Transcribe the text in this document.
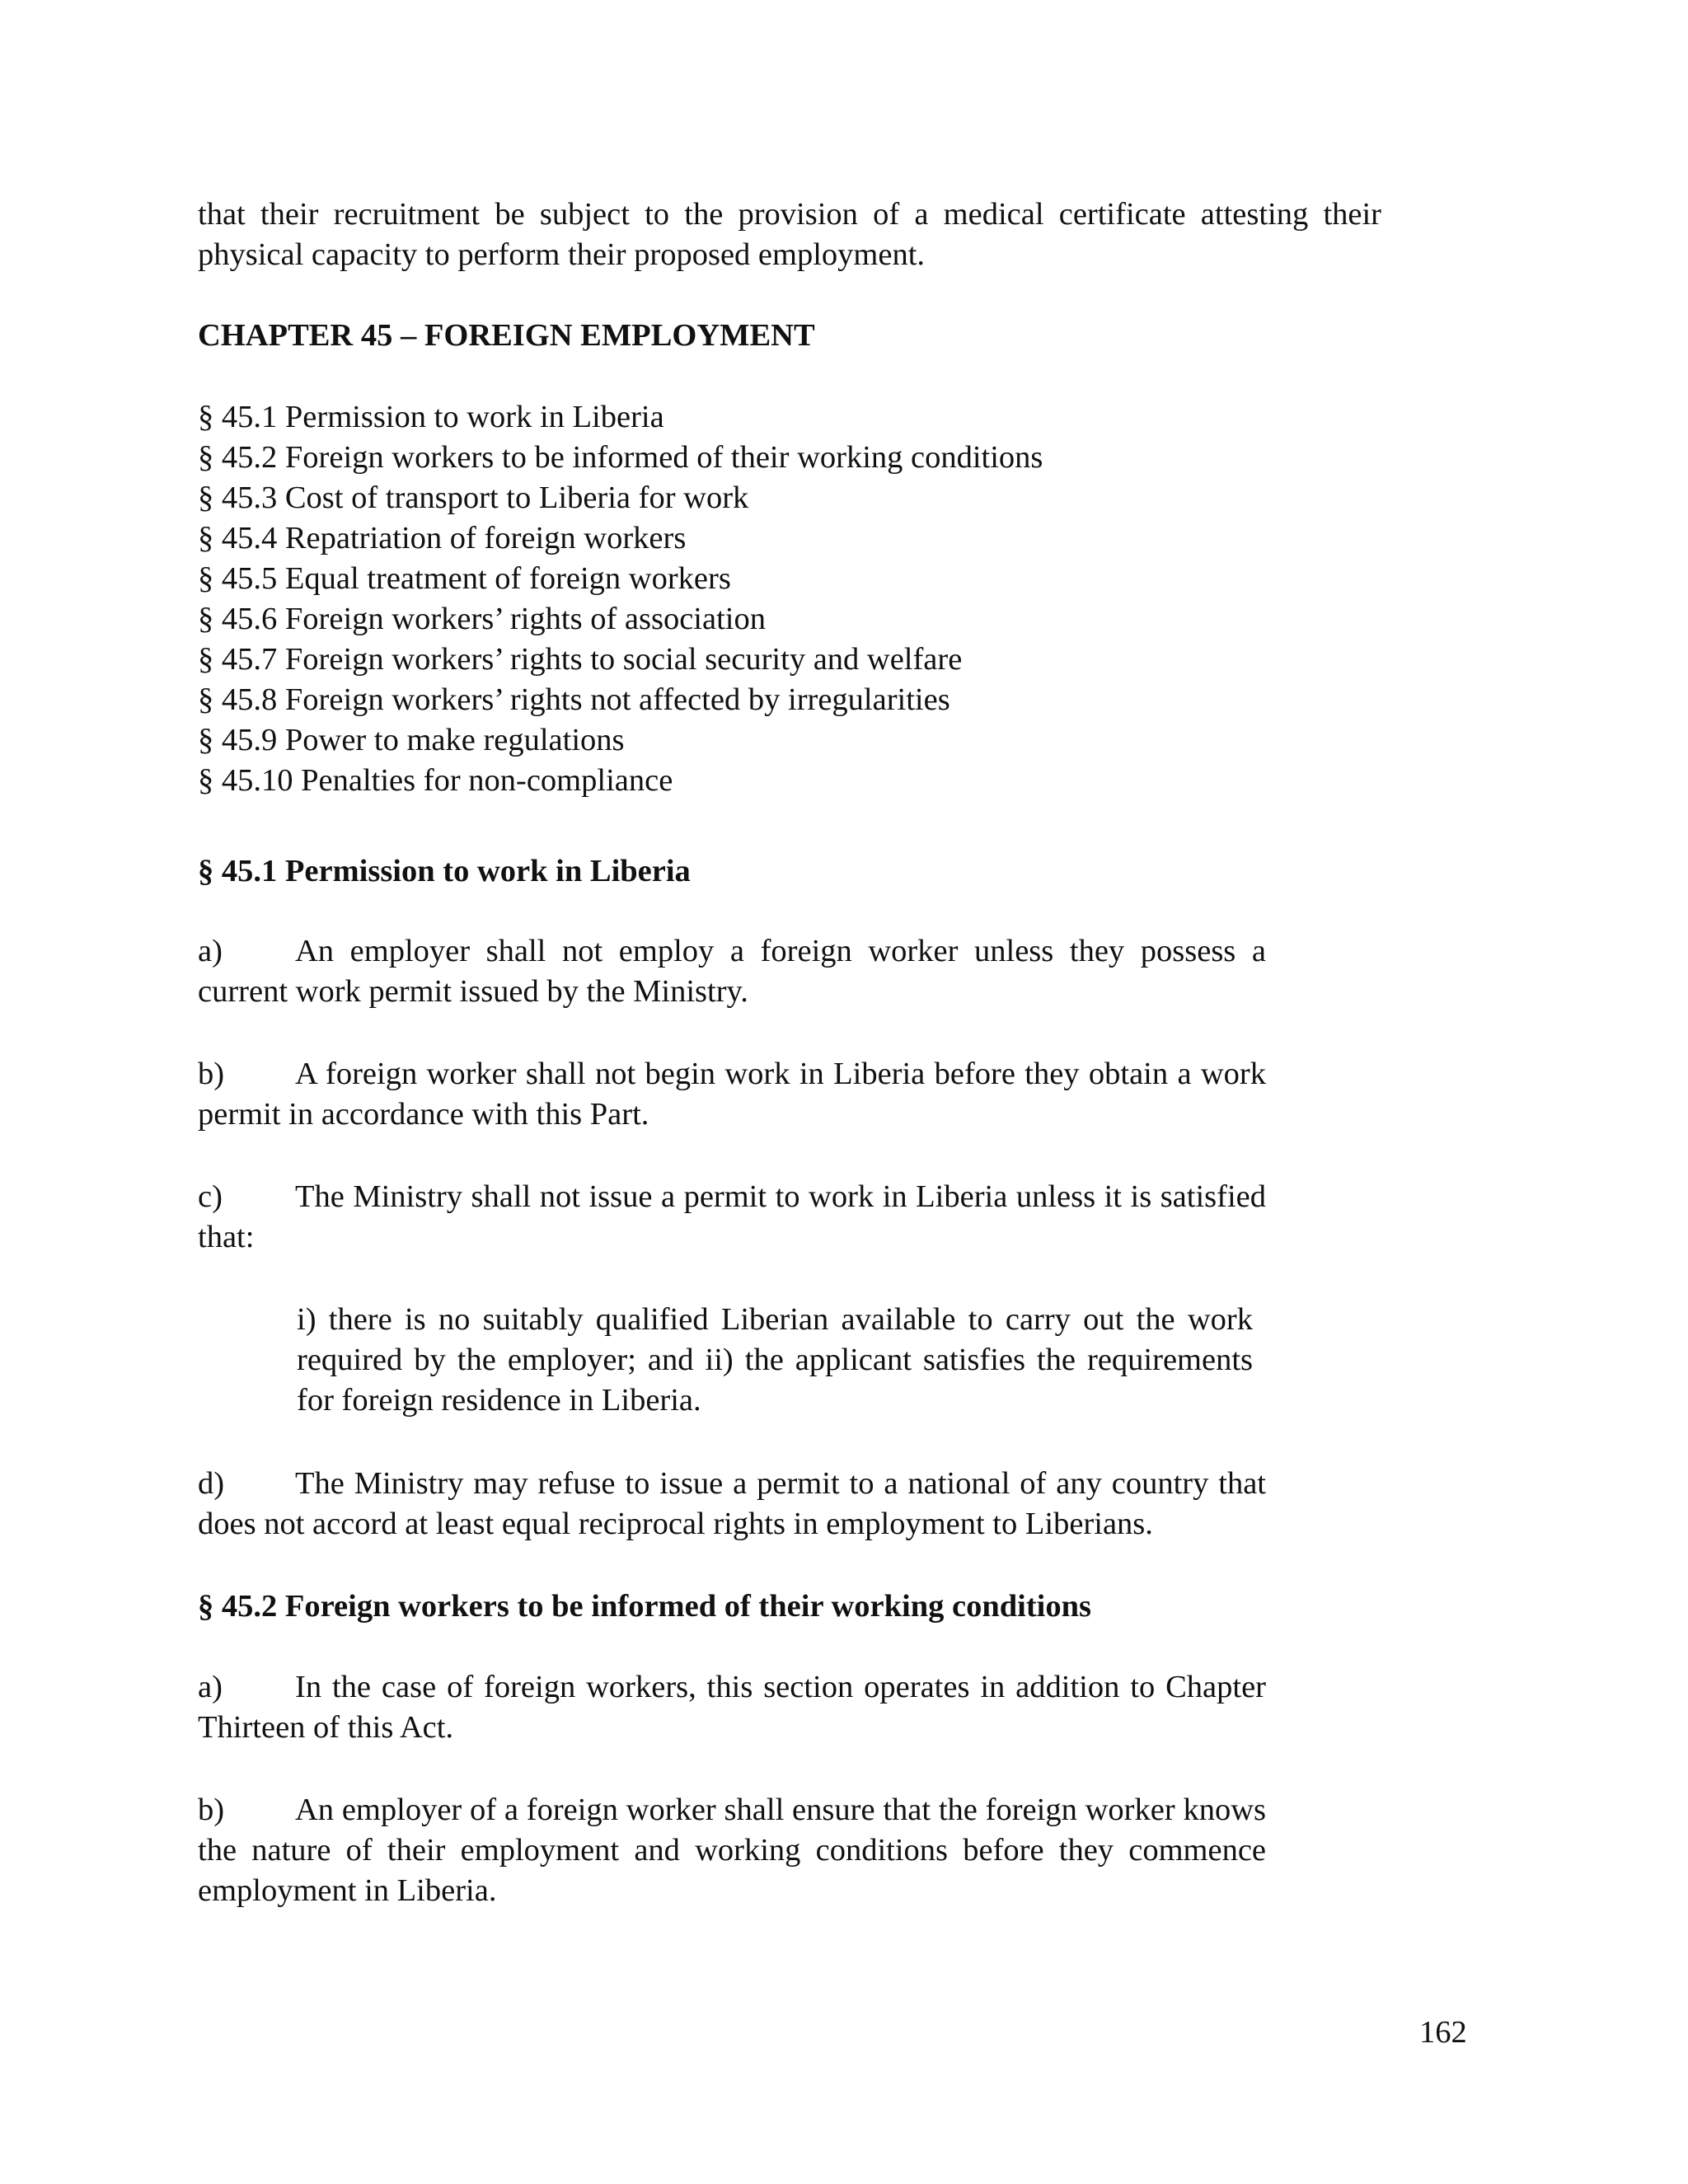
that their recruitment be subject to the provision of a medical certificate attesting their physical capacity to perform their proposed employment.

CHAPTER 45 – FOREIGN EMPLOYMENT

§ 45.1 Permission to work in Liberia
§ 45.2 Foreign workers to be informed of their working conditions
§ 45.3 Cost of transport to Liberia for work
§ 45.4 Repatriation of foreign workers
§ 45.5 Equal treatment of foreign workers
§ 45.6 Foreign workers’ rights of association
§ 45.7 Foreign workers’ rights to social security and welfare
§ 45.8 Foreign workers’ rights not affected by irregularities
§ 45.9 Power to make regulations
§ 45.10 Penalties for non-compliance

§ 45.1 Permission to work in Liberia

a) An employer shall not employ a foreign worker unless they possess a current work permit issued by the Ministry.

b) A foreign worker shall not begin work in Liberia before they obtain a work permit in accordance with this Part.

c) The Ministry shall not issue a permit to work in Liberia unless it is satisfied that:

i) there is no suitably qualified Liberian available to carry out the work required by the employer; and ii) the applicant satisfies the requirements for foreign residence in Liberia.

d) The Ministry may refuse to issue a permit to a national of any country that does not accord at least equal reciprocal rights in employment to Liberians.

§ 45.2 Foreign workers to be informed of their working conditions

a) In the case of foreign workers, this section operates in addition to Chapter Thirteen of this Act.

b) An employer of a foreign worker shall ensure that the foreign worker knows the nature of their employment and working conditions before they commence employment in Liberia.

162
